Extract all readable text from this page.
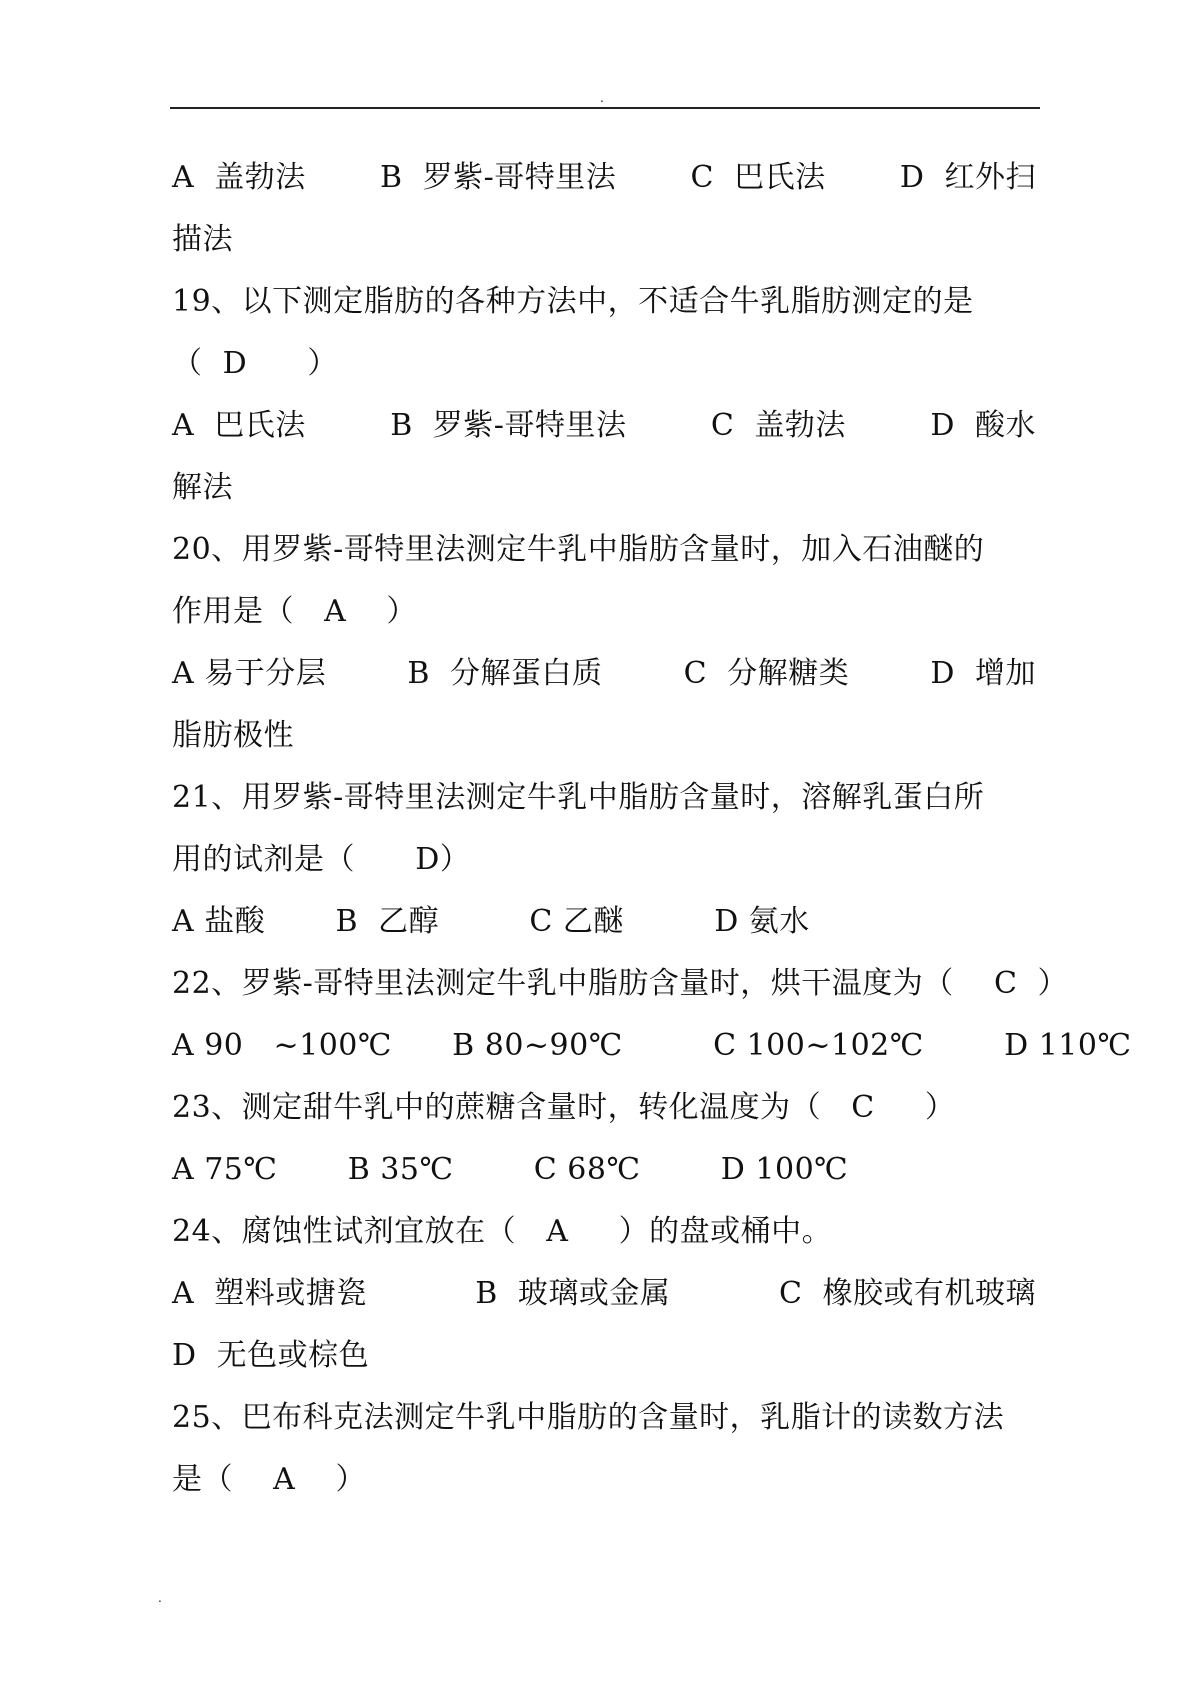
.
A  盖勃法 B  罗紫-哥特里法 C  巴氏法 D  红外扫
描法
19、以下测定脂肪的各种方法中，不适合牛乳脂肪测定的是
（  D      ）
A  巴氏法	B  罗紫-哥特里法	C  盖勃法	D  酸水
解法
20、用罗紫-哥特里法测定牛乳中脂肪含量时，加入石油醚的
作用是（   A    ）
A 易于分层	B  分解蛋白质	C  分解糖类	D  增加
脂肪极性
21、用罗紫-哥特里法测定牛乳中脂肪含量时，溶解乳蛋白所
用的试剂是（      D）
A 盐酸       B  乙醇         C 乙醚         D 氨水
22、罗紫-哥特里法测定牛乳中脂肪含量时，烘干温度为（    C  ）
A 90   ~100℃      B 80~90℃         C 100~102℃        D 110℃
23、测定甜牛乳中的蔗糖含量时，转化温度为（   C     ）
A 75℃       B 35℃        C 68℃        D 100℃
24、腐蚀性试剂宜放在（   A     ）的盘或桶中。
A  塑料或搪瓷	B  玻璃或金属	C  橡胶或有机玻璃
D  无色或棕色
25、巴布科克法测定牛乳中脂肪的含量时，乳脂计的读数方法
是（    A    ）
.
